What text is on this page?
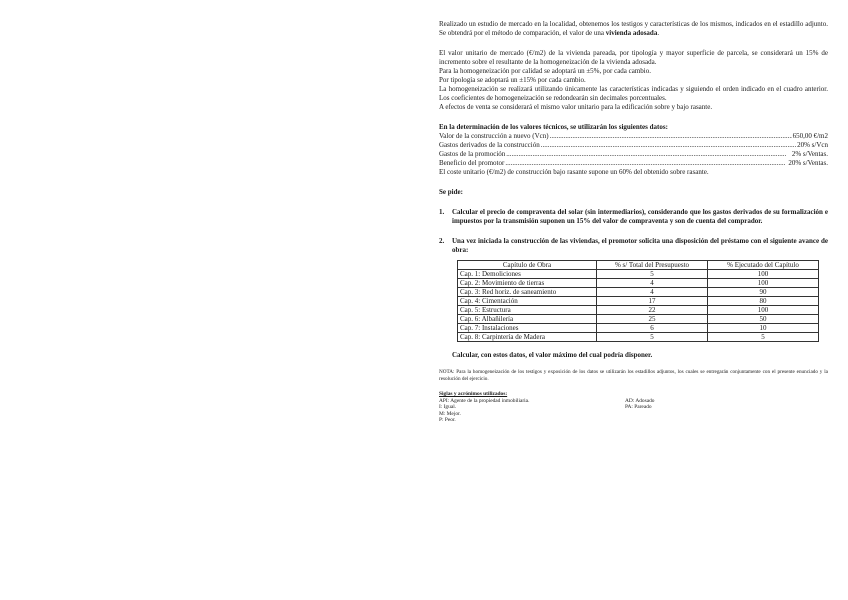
Realizado un estudio de mercado en la localidad, obtenemos los testigos y características de los mismos, indicados en el estadillo adjunto. Se obtendrá por el método de comparación, el valor de una vivienda adosada.

El valor unitario de mercado (€/m2) de la vivienda pareada, por tipología y mayor superficie de parcela, se considerará un 15% de incremento sobre el resultante de la homogeneización de la vivienda adosada.

Para la homogeneización por calidad se adoptará un ±5%, por cada cambio.

Por tipología se adoptará un ±15% por cada cambio.

La homogeneización se realizará utilizando únicamente las características indicadas y siguiendo el orden indicado en el cuadro anterior. Los coeficientes de homogeneización se redondearán sin decimales porcentuales.

A efectos de venta se considerará el mismo valor unitario para la edificación sobre y bajo rasante.

En la determinación de los valores técnicos, se utilizarán los siguientes datos:

Valor de la construcción a nuevo (Vcn) .....	650,00 €/m2
Gastos derivados de la construcción .....	20% s/Vcn
Gastos de la promoción .....	2% s/Ventas.
Beneficio del promotor .....	20% s/Ventas.

El coste unitario (€/m2) de construcción bajo rasante supone un 60% del obtenido sobre rasante.

Se pide:

1.	Calcular el precio de compraventa del solar (sin intermediarios), considerando que los gastos derivados de su formalización e impuestos por la transmisión suponen un 15% del valor de compraventa y son de cuenta del comprador.
2.	Una vez iniciada la construcción de las viviendas, el promotor solicita una disposición del préstamo con el siguiente avance de obra:
Capítulo de Obra	% s/ Total del Presupuesto	% Ejecutado del Capítulo
Cap. 1: Demoliciones	5	100
Cap. 2: Movimiento de tierras	4	100
Cap. 3: Red horiz. de saneamiento	4	90
Cap. 4: Cimentación	17	80
Cap. 5: Estructura	22	100
Cap. 6: Albañilería	25	50
Cap. 7: Instalaciones	6	10
Cap. 8: Carpintería de Madera	5	5

Calcular, con estos datos, el valor máximo del cual podría disponer.

NOTA: Para la homogeneización de los testigos y exposición de los datos se utilizarán los estadillos adjuntos, los cuales se entregarán conjuntamente con el presente enunciado y la resolución del ejercicio.

Siglas y acrónimos utilizados:

API: Agente de la propiedad inmobiliaria.
I: Igual.
M: Mejor.
P: Peor.
AD: Adosado
PA: Pareado
